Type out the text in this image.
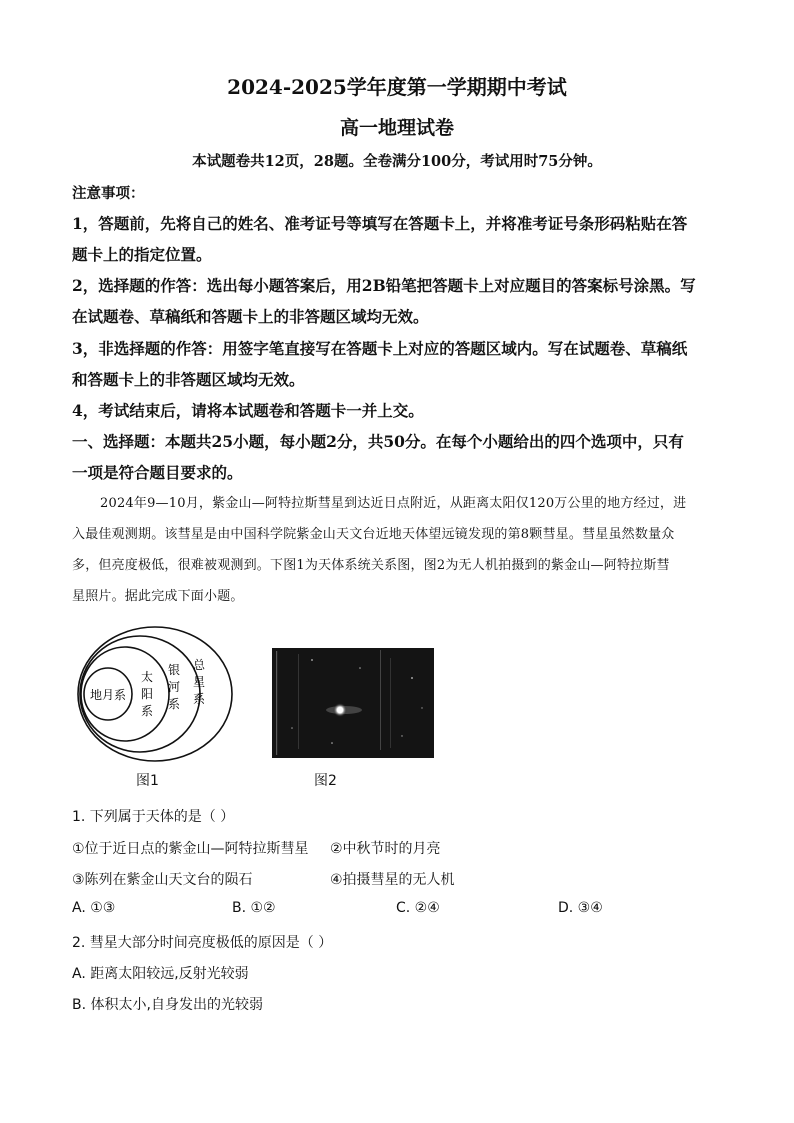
2024-2025学年度第一学期期中考试
高一地理试卷
本试题卷共12页，28题。全卷满分100分，考试用时75分钟。
注意事项：
1，答题前，先将自己的姓名、准考证号等填写在答题卡上，并将准考证号条形码粘贴在答
题卡上的指定位置。
2，选择题的作答：选出每小题答案后，用2B铅笔把答题卡上对应题目的答案标号涂黑。写
在试题卷、草稿纸和答题卡上的非答题区域均无效。
3，非选择题的作答：用签字笔直接写在答题卡上对应的答题区域内。写在试题卷、草稿纸
和答题卡上的非答题区域均无效。
4，考试结束后，请将本试题卷和答题卡一并上交。
一、选择题：本题共25小题，每小题2分，共50分。在每个小题给出的四个选项中，只有
一项是符合题目要求的。
2024年9—10月，紫金山—阿特拉斯彗星到达近日点附近，从距离太阳仅120万公里的地方经过，进
入最佳观测期。该彗星是由中国科学院紫金山天文台近地天体望远镜发现的第8颗彗星。彗星虽然数量众
多，但亮度极低，很难被观测到。下图1为天体系统关系图，图2为无人机拍摄到的紫金山—阿特拉斯彗
星照片。据此完成下面小题。
地月系
太
阳
系
银
河
系
总
星
系
图1	图2
1. 下列属于天体的是（ ）
①位于近日点的紫金山—阿特拉斯彗星 ②中秋节时的月亮
③陈列在紫金山天文台的陨石	④拍摄彗星的无人机
A. ①③	B. ①②	C. ②④	D. ③④
2. 彗星大部分时间亮度极低的原因是（ ）
A. 距离太阳较远,反射光较弱
B. 体积太小,自身发出的光较弱
